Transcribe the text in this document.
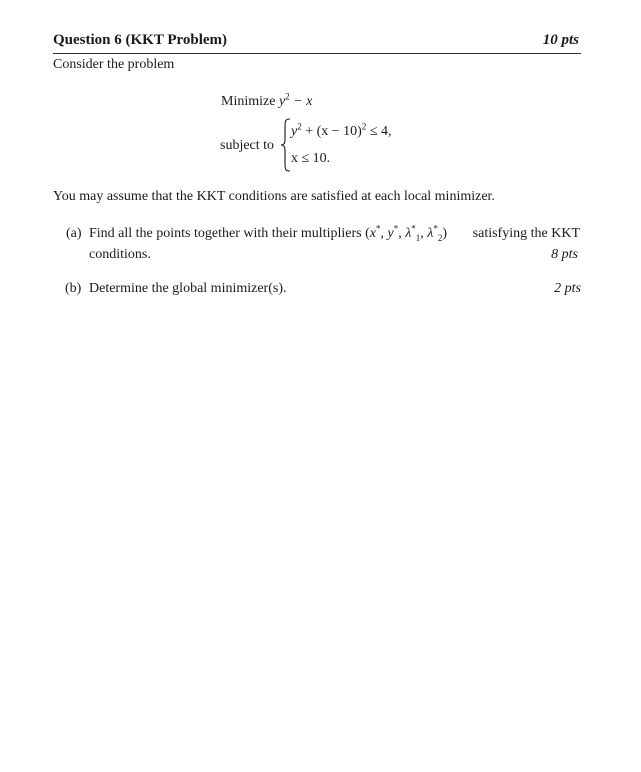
Question 6 (KKT Problem)	10 pts
Consider the problem
Minimize $y^2 - x$
subject to
$y^2 + (x - 10)^2 \le 4$,
x ≤ 10.
You may assume that the KKT conditions are satisfied at each local minimizer.
(a) Find all the points together with their multipliers (x*, y*, $\lambda^*_1$, $\lambda^*_2$) satisfying the KKT
conditions.	8 pts
(b) Determine the global minimizer(s).	2 pts
